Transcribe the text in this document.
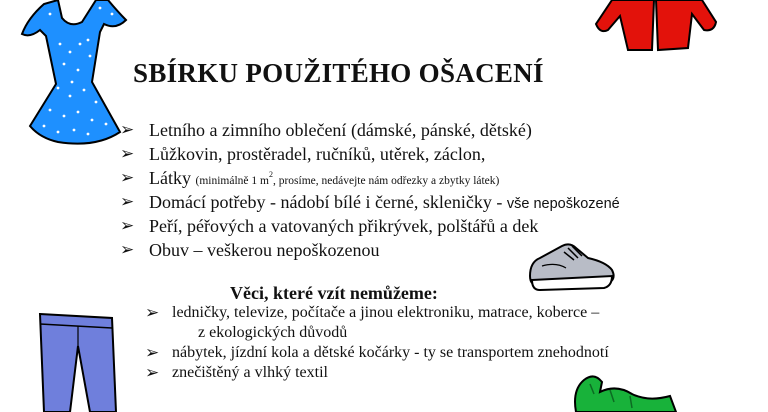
SBÍRKU POUŽITÉHO OŠACENÍ
➢ Letního a zimního oblečení (dámské, pánské, dětské)
➢ Lůžkovin, prostěradel, ručníků, utěrek, záclon,
➢ Látky (minimálně 1 $m^2$, prosíme, nedávejte nám odřezky a zbytky látek)
➢ Domácí potřeby - nádobí bílé i černé, skleničky - vše nepoškozené
➢ Peří, péřových a vatovaných přikrývek, polštářů a dek
➢ Obuv – veškerou nepoškozenou
Věci, které vzít nemůžeme:
➢ ledničky, televize, počítače a jinou elektroniku, matrace, koberce –
z ekologických důvodů
➢ nábytek, jízdní kola a dětské kočárky - ty se transportem znehodnotí
➢ znečištěný a vlhký textil
